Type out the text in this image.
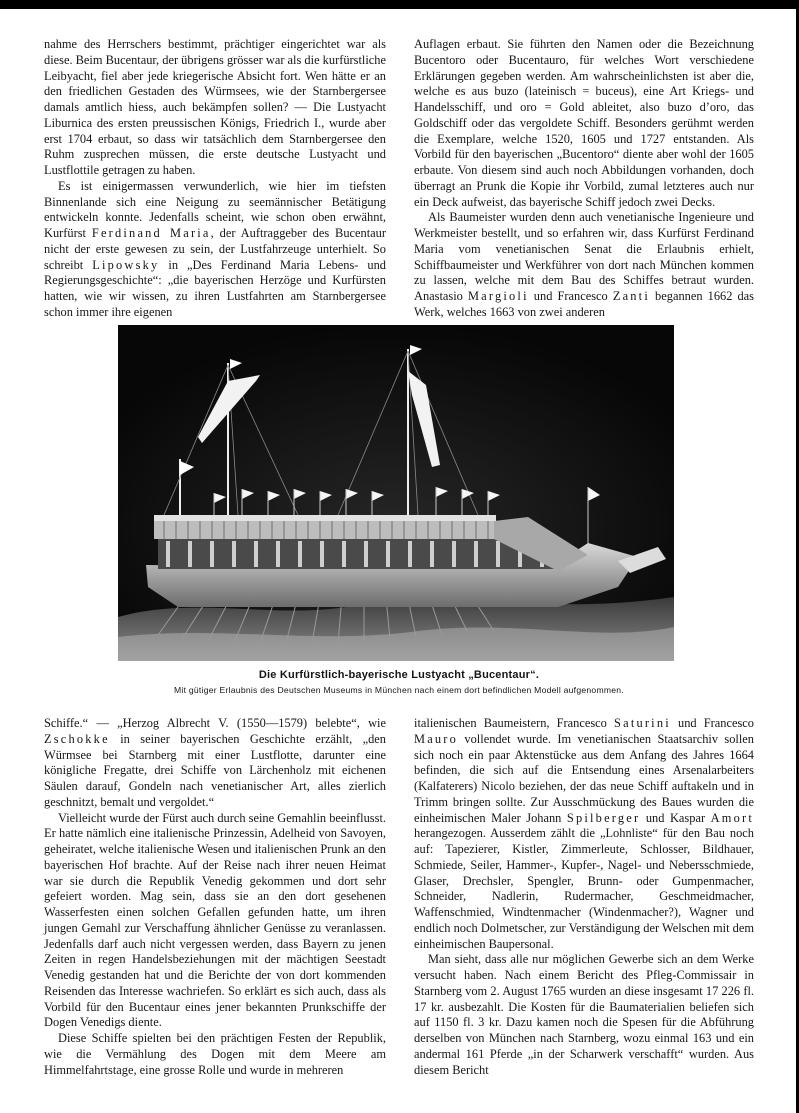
nahme des Herrschers bestimmt, prächtiger eingerichtet war als diese. Beim Bucentaur, der übrigens grösser war als die kurfürstliche Leibyacht, fiel aber jede kriegerische Absicht fort. Wen hätte er an den friedlichen Gestaden des Würmsees, wie der Starnbergersee damals amtlich hiess, auch bekämpfen sollen? — Die Lustyacht Liburnica des ersten preussischen Königs, Friedrich I., wurde aber erst 1704 erbaut, so dass wir tatsächlich dem Starnbergersee den Ruhm zusprechen müssen, die erste deutsche Lustyacht und Lustflottile getragen zu haben.

Es ist einigermassen verwunderlich, wie hier im tiefsten Binnenlande sich eine Neigung zu seemännischer Betätigung entwickeln konnte. Jedenfalls scheint, wie schon oben erwähnt, Kurfürst Ferdinand Maria, der Auftraggeber des Bucentaur nicht der erste gewesen zu sein, der Lustfahrzeuge unterhielt. So schreibt Lipowsky in „Des Ferdinand Maria Lebens- und Regierungsgeschichte“: „die bayerischen Herzöge und Kurfürsten hatten, wie wir wissen, zu ihren Lustfahrten am Starnbergersee schon immer ihre eigenen

Auflagen erbaut. Sie führten den Namen oder die Bezeichnung Bucentoro oder Bucentauro, für welches Wort verschiedene Erklärungen gegeben werden. Am wahrscheinlichsten ist aber die, welche es aus buzo (lateinisch = buceus), eine Art Kriegs- und Handelsschiff, und oro = Gold ableitet, also buzo d’oro, das Goldschiff oder das vergoldete Schiff. Besonders gerühmt werden die Exemplare, welche 1520, 1605 und 1727 entstanden. Als Vorbild für den bayerischen „Bucentoro“ diente aber wohl der 1605 erbaute. Von diesem sind auch noch Abbildungen vorhanden, doch überragt an Prunk die Kopie ihr Vorbild, zumal letzteres auch nur ein Deck aufweist, das bayerische Schiff jedoch zwei Decks.

Als Baumeister wurden denn auch venetianische Ingenieure und Werkmeister bestellt, und so erfahren wir, dass Kurfürst Ferdinand Maria vom venetianischen Senat die Erlaubnis erhielt, Schiffbaumeister und Werkführer von dort nach München kommen zu lassen, welche mit dem Bau des Schiffes betraut wurden. Anastasio Margioli und Francesco Zanti begannen 1662 das Werk, welches 1663 von zwei anderen

Die Kurfürstlich-bayerische Lustyacht „Bucentaur“.
Mit gütiger Erlaubnis des Deutschen Museums in München nach einem dort befindlichen Modell aufgenommen.

Schiffe.“ — „Herzog Albrecht V. (1550—1579) belebte“, wie Zschokke in seiner bayerischen Geschichte erzählt, „den Würmsee bei Starnberg mit einer Lustflotte, darunter eine königliche Fregatte, drei Schiffe von Lärchenholz mit eichenen Säulen darauf, Gondeln nach venetianischer Art, alles zierlich geschnitzt, bemalt und vergoldet.“

Vielleicht wurde der Fürst auch durch seine Gemahlin beeinflusst. Er hatte nämlich eine italienische Prinzessin, Adelheid von Savoyen, geheiratet, welche italienische Wesen und italienischen Prunk an den bayerischen Hof brachte. Auf der Reise nach ihrer neuen Heimat war sie durch die Republik Venedig gekommen und dort sehr gefeiert worden. Mag sein, dass sie an den dort gesehenen Wasserfesten einen solchen Gefallen gefunden hatte, um ihren jungen Gemahl zur Verschaffung ähnlicher Genüsse zu veranlassen. Jedenfalls darf auch nicht vergessen werden, dass Bayern zu jenen Zeiten in regen Handelsbeziehungen mit der mächtigen Seestadt Venedig gestanden hat und die Berichte der von dort kommenden Reisenden das Interesse wachriefen. So erklärt es sich auch, dass als Vorbild für den Bucentaur eines jener bekannten Prunkschiffe der Dogen Venedigs diente.

Diese Schiffe spielten bei den prächtigen Festen der Republik, wie die Vermählung des Dogen mit dem Meere am Himmelfahrtstage, eine grosse Rolle und wurde in mehreren

italienischen Baumeistern, Francesco Saturini und Francesco Mauro vollendet wurde. Im venetianischen Staatsarchiv sollen sich noch ein paar Aktenstücke aus dem Anfang des Jahres 1664 befinden, die sich auf die Entsendung eines Arsenalarbeiters (Kalfaterers) Nicolo beziehen, der das neue Schiff auftakeln und in Trimm bringen sollte. Zur Ausschmückung des Baues wurden die einheimischen Maler Johann Spilberger und Kaspar Amort herangezogen. Ausserdem zählt die „Lohnliste“ für den Bau noch auf: Tapezierer, Kistler, Zimmerleute, Schlosser, Bildhauer, Schmiede, Seiler, Hammer-, Kupfer-, Nagel- und Nebersschmiede, Glaser, Drechsler, Spengler, Brunn- oder Gumpenmacher, Schneider, Nadlerin, Rudermacher, Geschmeidmacher, Waffenschmied, Windtenmacher (Windenmacher?), Wagner und endlich noch Dolmetscher, zur Verständigung der Welschen mit dem einheimischen Baupersonal.

Man sieht, dass alle nur möglichen Gewerbe sich an dem Werke versucht haben. Nach einem Bericht des Pfleg-Commissair in Starnberg vom 2. August 1765 wurden an diese insgesamt 17 226 fl. 17 kr. ausbezahlt. Die Kosten für die Baumaterialien beliefen sich auf 1150 fl. 3 kr. Dazu kamen noch die Spesen für die Abführung derselben von München nach Starnberg, wozu einmal 163 und ein andermal 161 Pferde „in der Scharwerk verschafft“ wurden. Aus diesem Bericht
